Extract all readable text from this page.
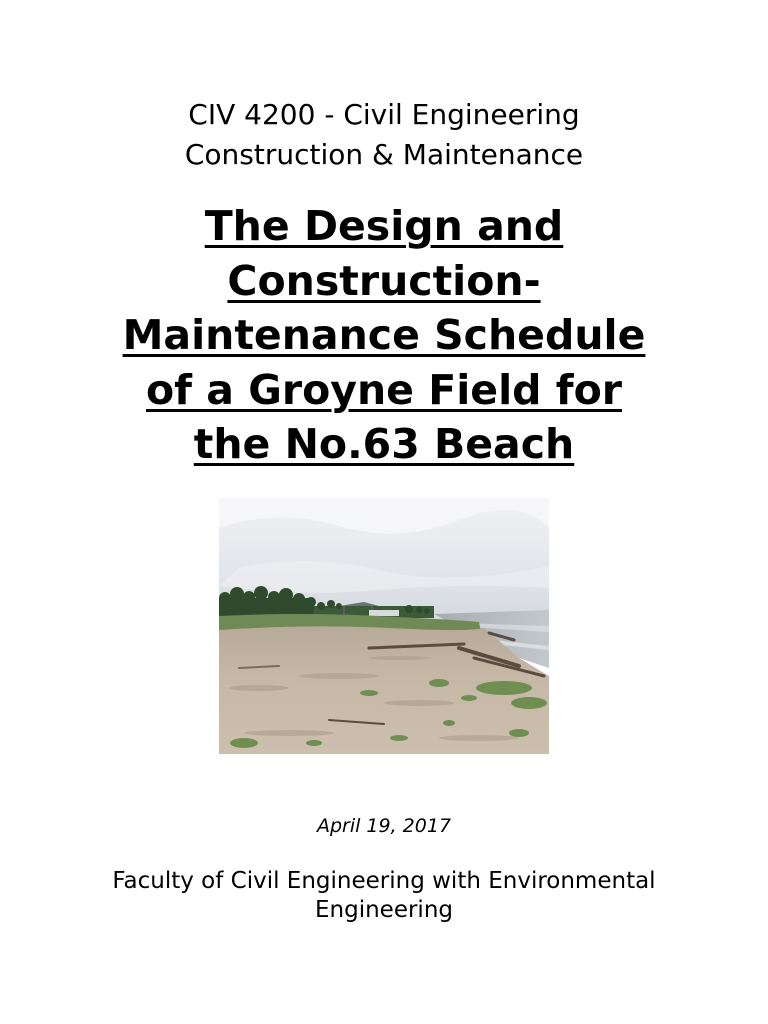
CIV 4200 - Civil Engineering
Construction & Maintenance
The Design and
Construction-
Maintenance Schedule
of a Groyne Field for
the No.63 Beach
April 19, 2017
Faculty of Civil Engineering with Environmental
Engineering
